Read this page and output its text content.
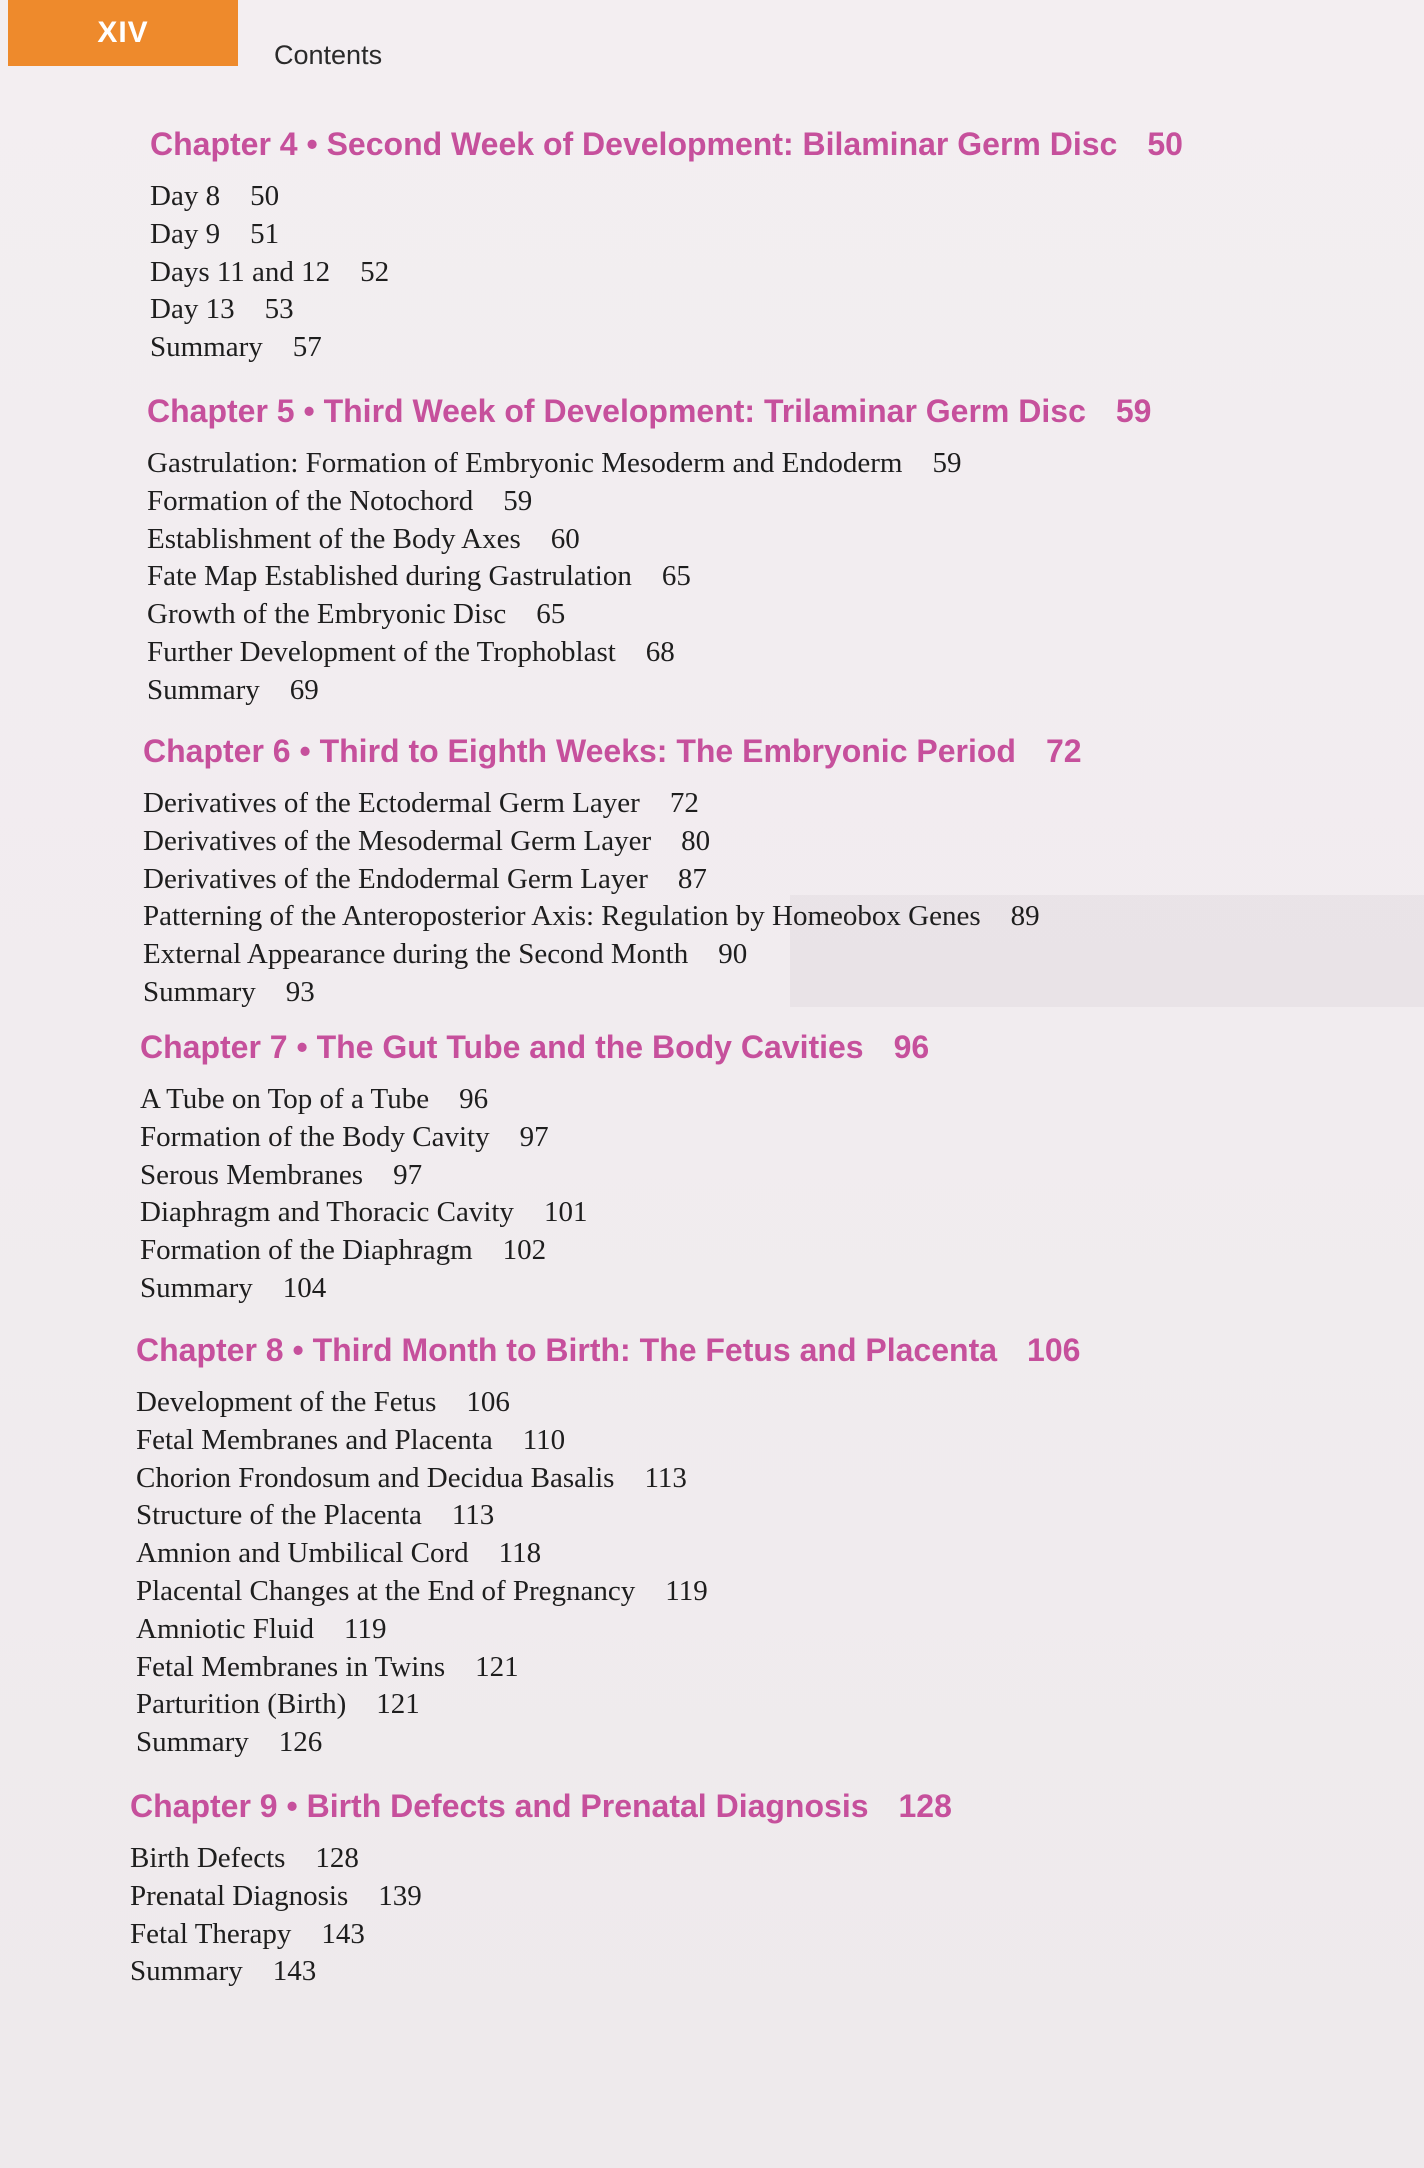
XIV
Contents
Chapter 4 • Second Week of Development: Bilaminar Germ Disc 50
Day 8 50
Day 9 51
Days 11 and 12 52
Day 13 53
Summary 57
Chapter 5 • Third Week of Development: Trilaminar Germ Disc 59
Gastrulation: Formation of Embryonic Mesoderm and Endoderm 59
Formation of the Notochord 59
Establishment of the Body Axes 60
Fate Map Established during Gastrulation 65
Growth of the Embryonic Disc 65
Further Development of the Trophoblast 68
Summary 69
Chapter 6 • Third to Eighth Weeks: The Embryonic Period 72
Derivatives of the Ectodermal Germ Layer 72
Derivatives of the Mesodermal Germ Layer 80
Derivatives of the Endodermal Germ Layer 87
Patterning of the Anteroposterior Axis: Regulation by Homeobox Genes 89
External Appearance during the Second Month 90
Summary 93
Chapter 7 • The Gut Tube and the Body Cavities 96
A Tube on Top of a Tube 96
Formation of the Body Cavity 97
Serous Membranes 97
Diaphragm and Thoracic Cavity 101
Formation of the Diaphragm 102
Summary 104
Chapter 8 • Third Month to Birth: The Fetus and Placenta 106
Development of the Fetus 106
Fetal Membranes and Placenta 110
Chorion Frondosum and Decidua Basalis 113
Structure of the Placenta 113
Amnion and Umbilical Cord 118
Placental Changes at the End of Pregnancy 119
Amniotic Fluid 119
Fetal Membranes in Twins 121
Parturition (Birth) 121
Summary 126
Chapter 9 • Birth Defects and Prenatal Diagnosis 128
Birth Defects 128
Prenatal Diagnosis 139
Fetal Therapy 143
Summary 143
